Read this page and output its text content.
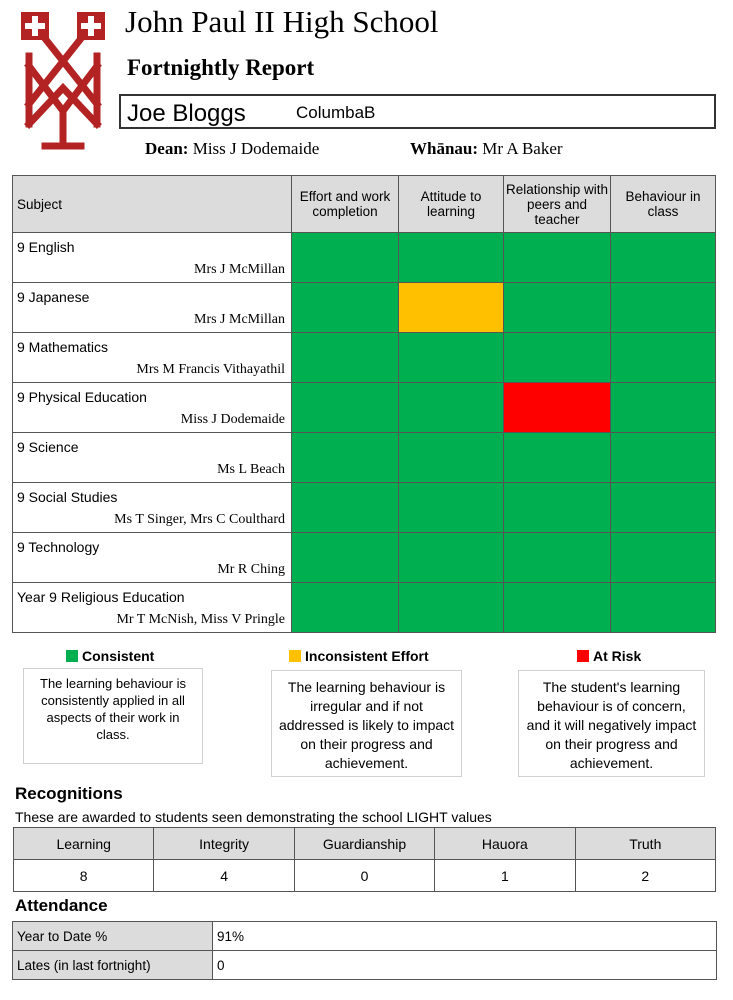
John Paul II High School
Fortnightly Report
Joe Bloggs	ColumbaB
Dean: Miss J Dodemaide	Whānau: Mr A Baker
Subject	Effort and work completion	Attitude to learning	Relationship with peers and teacher	Behaviour in class

9 English
Mrs J McMillan				

9 Japanese
Mrs J McMillan				

9 Mathematics
Mrs M Francis Vithayathil				

9 Physical Education
Miss J Dodemaide				

9 Science
Ms L Beach				

9 Social Studies
Ms T Singer, Mrs C Coulthard				

9 Technology
Mr R Ching				

Year 9 Religious Education
Mr T McNish, Miss V Pringle				

Consistent	Inconsistent Effort	At Risk
The learning behaviour is consistently applied in all aspects of their work in class.
The learning behaviour is irregular and if not addressed is likely to impact on their progress and achievement.
The student's learning behaviour is of concern, and it will negatively impact on their progress and achievement.
Recognitions
These are awarded to students seen demonstrating the school LIGHT values
Learning	Integrity	Guardianship	Hauora	Truth
8	4	0	1	2
Attendance
Year to Date %	91%
Lates (in last fortnight)	0
